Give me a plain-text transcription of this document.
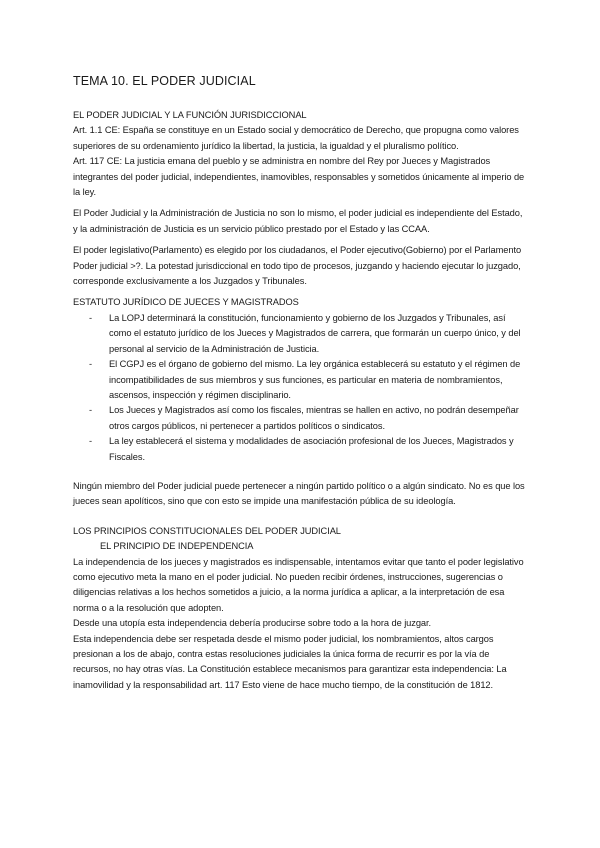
TEMA 10. EL PODER JUDICIAL

EL PODER JUDICIAL Y LA FUNCIÓN JURISDICCIONAL

Art. 1.1 CE: España se constituye en un Estado social y democrático de Derecho, que propugna como valores superiores de su ordenamiento jurídico la libertad, la justicia, la igualdad y el pluralismo político.

Art. 117 CE: La justicia emana del pueblo y se administra en nombre del Rey por Jueces y Magistrados integrantes del poder judicial, independientes, inamovibles, responsables y sometidos únicamente al imperio de la ley.

El Poder Judicial y la Administración de Justicia no son lo mismo, el poder judicial es independiente del Estado, y la administración de Justicia es un servicio público prestado por el Estado y las CCAA.

El poder legislativo(Parlamento) es elegido por los ciudadanos, el Poder ejecutivo(Gobierno) por el Parlamento

Poder judicial >?. La potestad jurisdiccional en todo tipo de procesos, juzgando y haciendo ejecutar lo juzgado, corresponde exclusivamente a los Juzgados y Tribunales.

ESTATUTO JURÍDICO DE JUECES Y MAGISTRADOS

- La LOPJ determinará la constitución, funcionamiento y gobierno de los Juzgados y Tribunales, así como el estatuto jurídico de los Jueces y Magistrados de carrera, que formarán un cuerpo único, y del personal al servicio de la Administración de Justicia.
- El CGPJ es el órgano de gobierno del mismo. La ley orgánica establecerá su estatuto y el régimen de incompatibilidades de sus miembros y sus funciones, es particular en materia de nombramientos, ascensos, inspección y régimen disciplinario.
- Los Jueces y Magistrados así como los fiscales, mientras se hallen en activo, no podrán desempeñar otros cargos públicos, ni pertenecer a partidos políticos o sindicatos.
- La ley establecerá el sistema y modalidades de asociación profesional de los Jueces, Magistrados y Fiscales.

Ningún miembro del Poder judicial puede pertenecer a ningún partido político o a algún sindicato. No es que los jueces sean apolíticos, sino que con esto se impide una manifestación pública de su ideología.

LOS PRINCIPIOS CONSTITUCIONALES DEL PODER JUDICIAL

EL PRINCIPIO DE INDEPENDENCIA

La independencia de los jueces y magistrados es indispensable, intentamos evitar que tanto el poder legislativo como ejecutivo meta la mano en el poder judicial. No pueden recibir órdenes, instrucciones, sugerencias o diligencias relativas a los hechos sometidos a juicio, a la norma jurídica a aplicar, a la interpretación de esa norma o a la resolución que adopten.

Desde una utopía esta independencia debería producirse sobre todo a la hora de juzgar.

Esta independencia debe ser respetada desde el mismo poder judicial, los nombramientos, altos cargos presionan a los de abajo, contra estas resoluciones judiciales la única forma de recurrir es por la vía de recursos, no hay otras vías. La Constitución establece mecanismos para garantizar esta independencia: La inamovilidad y la responsabilidad art. 117 Esto viene de hace mucho tiempo, de la constitución de 1812.
